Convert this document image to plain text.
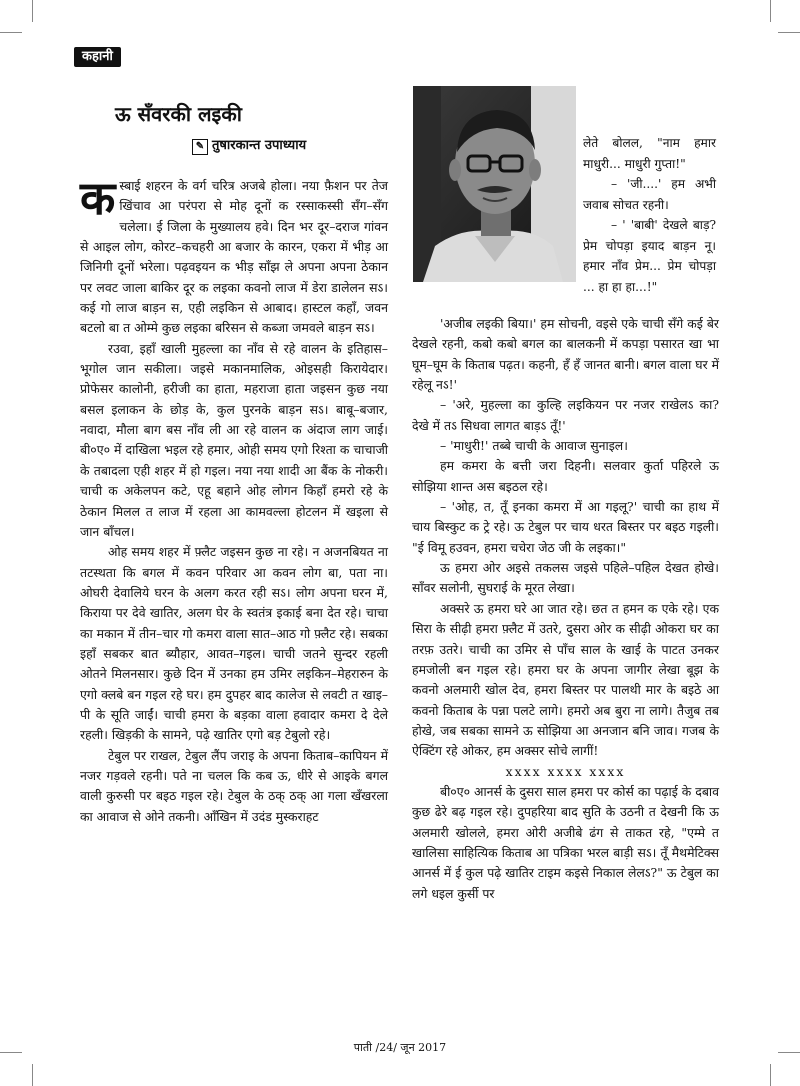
कहानी
ऊ सँवरकी लइकी
✎ तुषारकान्त उपाध्याय

कस्बाई शहरन के वर्ग चरित्र अजबे होला। नया फ़ैशन पर तेज खिंचाव आ परंपरा से मोह दूनों क रस्साकस्सी सँग–सँग चलेला। ई जिला के मुख्यालय हवे। दिन भर दूर–दराज गांवन से आइल लोग, कोरट–कचहरी आ बजार के कारन, एकरा में भीड़ आ जिनिगी दूनों भरेला। पढ़वइयन क भीड़ साँझ ले अपना अपना ठेकान पर लवट जाला बाकिर दूर क लइका कवनो लाज में डेरा डालेलन सऽ। कई गो लाज बाड़न स, एही लइकिन से आबाद। हास्टल कहाँ, जवन बटलो बा त ओम्मे कुछ लइका बरिसन से कब्जा जमवले बाड़न सऽ।

रउवा, इहाँ खाली मुहल्ला का नाँव से रहे वालन के इतिहास–भूगोल जान सकीला। जइसे मकानमालिक, ओइसही किरायेदार। प्रोफेसर कालोनी, हरीजी का हाता, महराजा हाता जइसन कुछ नया बसल इलाकन के छोड़ के, कुल पुरनके बाड़न सऽ। बाबू–बजार, नवादा, मौला बाग बस नाँव ली आ रहे वालन क अंदाज लाग जाई। बी०ए० में दाखिला भइल रहे हमार, ओही समय एगो रिश्ता क चाचाजी के तबादला एही शहर में हो गइल। नया नया शादी आ बैंक के नोकरी। चाची क अकेलपन कटे, एहू बहाने ओह लोगन किहाँ हमरो रहे के ठेकान मिलल त लाज में रहला आ कामवल्ला होटलन में खइला से जान बाँचल।

ओह समय शहर में फ़्लैट जइसन कुछ ना रहे। न अजनबियत ना तटस्थता कि बगल में कवन परिवार आ कवन लोग बा, पता ना। ओघरी देवालिये घरन के अलग करत रही सऽ। लोग अपना घरन में, किराया पर देवे खातिर, अलग घेर के स्वतंत्र इकाई बना देत रहे। चाचा का मकान में तीन–चार गो कमरा वाला सात–आठ गो फ़्लैट रहे। सबका इहाँ सबकर बात ब्यौहार, आवत–गइल। चाची जतने सुन्दर रहली ओतने मिलनसार। कुछे दिन में उनका हम उमिर लइकिन–मेहरारुन के एगो क्लबे बन गइल रहे घर। हम दुपहर बाद कालेज से लवटी त खाइ–पी के सूति जाईं। चाची हमरा के बड़का वाला हवादार कमरा दे देले रहली। खिड़की के सामने, पढ़े खातिर एगो बड़ टेबुलो रहे।

टेबुल पर राखल, टेबुल लैंप जराइ के अपना किताब–कापियन में नजर गड़वले रहनी। पते ना चलल कि कब ऊ, धीरे से आइके बगल वाली कुरुसी पर बइठ गइल रहे। टेबुल के ठक् ठक् आ गला खँखरला का आवाज से ओने तकनी। आँखिन में उदंड मुस्कराहट

लेते बोलल, "नाम हमार माधुरी... माधुरी गुप्ता!"

– 'जी....' हम अभी जवाब सोचत रहनी।

– ' 'बाबी' देखले बाड़? प्रेम चोपड़ा इयाद बाड़न नू। हमार नाँव प्रेम... प्रेम चोपड़ा ... हा हा हा...!"

'अजीब लइकी बिया।' हम सोचनी, वइसे एके चाची सँगे कई बेर देखले रहनी, कबो कबो बगल का बालकनी में कपड़ा पसारत खा भा घूम–घूम के किताब पढ़त। कहनी, हँ हँ जानत बानी। बगल वाला घर में रहेलू नऽ!'

– 'अरे, मुहल्ला का कुल्हि लइकियन पर नजर राखेलऽ का? देखे में तऽ सिधवा लागत बाड़ऽ तूँ!'

– 'माधुरी!' तब्बे चाची के आवाज सुनाइल।

हम कमरा के बत्ती जरा दिहनी। सलवार कुर्ता पहिरले ऊ सोझिया शान्त अस बइठल रहे।

– 'ओह, त, तूँ इनका कमरा में आ गइलू?' चाची का हाथ में चाय बिस्कुट क ट्रे रहे। ऊ टेबुल पर चाय धरत बिस्तर पर बइठ गइली। "ई विमू हउवन, हमरा चचेरा जेठ जी के लइका।"

ऊ हमरा ओर अइसे तकलस जइसे पहिले–पहिल देखत होखे। साँवर सलोनी, सुघराई के मूरत लेखा।

अक्सरे ऊ हमरा घरे आ जात रहे। छत त हमन क एके रहे। एक सिरा के सीढ़ी हमरा फ़्लैट में उतरे, दुसरा ओर क सीढ़ी ओकरा घर का तरफ़ उतरे। चाची का उमिर से पाँच साल के खाई के पाटत उनकर हमजोली बन गइल रहे। हमरा घर के अपना जागीर लेखा बूझ के कवनो अलमारी खोल देव, हमरा बिस्तर पर पालथी मार के बइठे आ कवनो किताब के पन्ना पलटे लागे। हमरो अब बुरा ना लागे। तैजुब तब होखे, जब सबका सामने ऊ सोझिया आ अनजान बनि जाव। गजब के ऐक्टिंग रहे ओकर, हम अक्सर सोचे लागीं!

xxxx xxxx xxxx

बी०ए० आनर्स के दुसरा साल हमरा पर कोर्स का पढ़ाई के दबाव कुछ ढेरे बढ़ गइल रहे। दुपहरिया बाद सुति के उठनी त देखनी कि ऊ अलमारी खोलले, हमरा ओरी अजीबे ढंग से ताकत रहे, "एम्मे त खालिसा साहित्यिक किताब आ पत्रिका भरल बाड़ी सऽ। तूँ मैथमेटिक्स आनर्स में ई कुल पढ़े खातिर टाइम कइसे निकाल लेलऽ?" ऊ टेबुल का लगे धइल कुर्सी पर

पाती /24/ जून 2017
